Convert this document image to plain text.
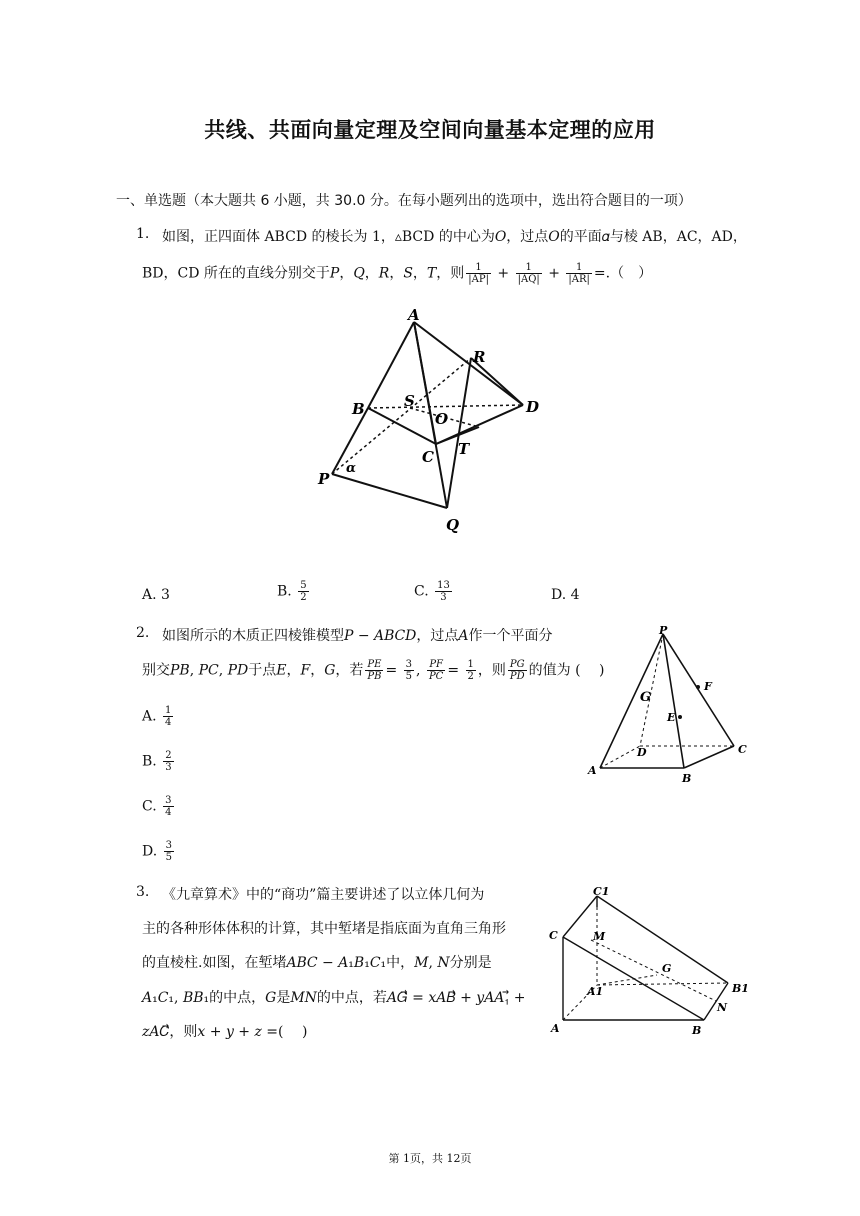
共线、共面向量定理及空间向量基本定理的应用
一、单选题（本大题共 6 小题，共 30.0 分。在每小题列出的选项中，选出符合题目的一项）
1. 如图，正四面体 ABCD 的棱长为 1，▵BCD 的中心为𝑂，过点𝑂的平面𝛼与棱 AB，AC，AD，
BD，CD 所在的直线分别交于𝑃，𝑄，𝑅，𝑆，𝑇，则 $\frac{1}{|AP|} + \frac{1}{|AQ|} + \frac{1}{|AR|}$ =.（　）
A
B
C
D
R
S
O
T
P
Q
α
A. 3	B. $\frac{5}{2}$	C. $\frac{13}{3}$	D. 4
2. 如图所示的木质正四棱锥模型𝑃 − 𝐴𝐵𝐶𝐷，过点𝐴作一个平面分
别交𝑃𝐵, 𝑃𝐶, 𝑃𝐷于点𝐸，𝐹，𝐺，若 $\frac{\text{𝑃𝐸}}{\text{𝑃𝐵}} = \frac{3}{5}$ , $\frac{\text{𝑃𝐹}}{\text{𝑃𝐶}} = \frac{1}{2}$ ，则 $\frac{\text{𝑃𝐺}}{\text{𝑃𝐷}}$ 的值为 (　 )
A. $\frac{1}{4}$
B. $\frac{2}{3}$
C. $\frac{3}{4}$
D. $\frac{3}{5}$
P
F
G
E
D	C
A
B
3. 《九章算术》中的“商功”篇主要讲述了以立体几何为
主的各种形体体积的计算，其中堑堵是指底面为直角三角形
的直棱柱.如图，在堑堵𝐴𝐵𝐶 − 𝐴₁𝐵₁𝐶₁中，𝑀, 𝑁分别是
𝐴₁𝐶₁, 𝐵𝐵₁的中点，𝐺是𝑀𝑁的中点，若𝐴𝐺⃗ = 𝑥𝐴𝐵⃗ + 𝑦𝐴𝐴₁⃗ +
𝑧𝐴𝐶⃗，则𝑥 + 𝑦 + 𝑧 =(　 )
C1
C	M
G
B1
A1
N
A	B
第 1页，共 12页
